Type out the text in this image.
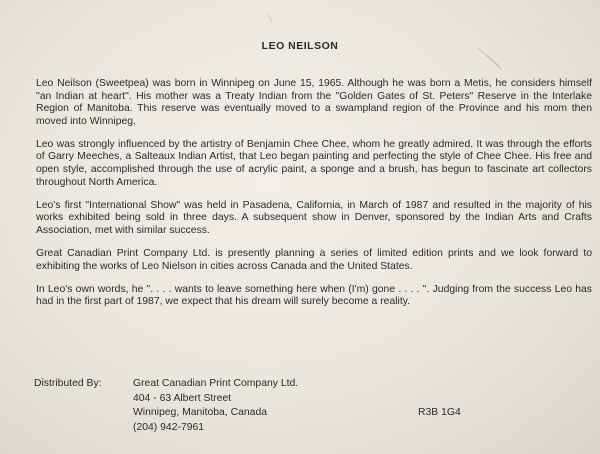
LEO NEILSON

Leo Neilson (Sweetpea) was born in Winnipeg on June 15, 1965. Although he was born a Metis, he considers himself "an Indian at heart". His mother was a Treaty Indian from the "Golden Gates of St. Peters" Reserve in the Interlake Region of Manitoba. This reserve was eventually moved to a swampland region of the Province and his mom then moved into Winnipeg.

Leo was strongly influenced by the artistry of Benjamin Chee Chee, whom he greatly admired. It was through the efforts of Garry Meeches, a Salteaux Indian Artist, that Leo began painting and perfecting the style of Chee Chee. His free and open style, accomplished through the use of acrylic paint, a sponge and a brush, has begun to fascinate art collectors throughout North America.

Leo's first "International Show" was held in Pasadena, California, in March of 1987 and resulted in the majority of his works exhibited being sold in three days. A subsequent show in Denver, sponsored by the Indian Arts and Crafts Association, met with similar success.

Great Canadian Print Company Ltd. is presently planning a series of limited edition prints and we look forward to exhibiting the works of Leo Nielson in cities across Canada and the United States.

In Leo's own words, he ". . . . wants to leave something here when (I'm) gone . . . . ". Judging from the success Leo has had in the first part of 1987, we expect that his dream will surely become a reality.

Distributed By:	Great Canadian Print Company Ltd.
404 - 63 Albert Street
Winnipeg, Manitoba, Canada
(204) 942-7961
R3B 1G4
